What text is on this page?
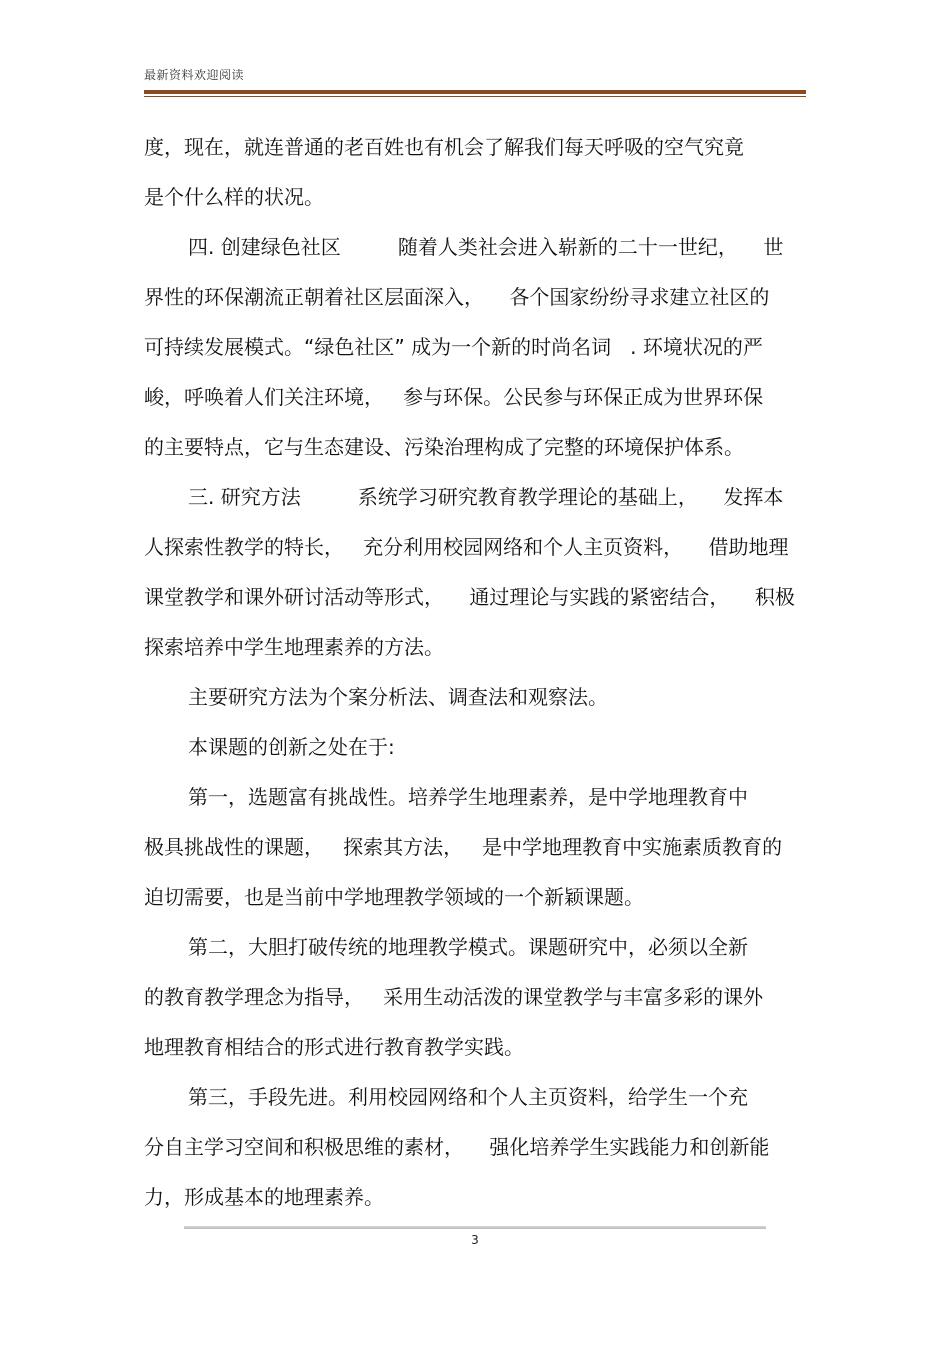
最新资料欢迎阅读
度，现在，就连普通的老百姓也有机会了解我们每天呼吸的空气究竟
是个什么样的状况。
四. 创建绿色社区         随着人类社会进入崭新的二十一世纪，    世
界性的环保潮流正朝着社区层面深入，    各个国家纷纷寻求建立社区的
可持续发展模式。“绿色社区” 成为一个新的时尚名词   . 环境状况的严
峻，呼唤着人们关注环境，   参与环保。公民参与环保正成为世界环保
的主要特点，它与生态建设、污染治理构成了完整的环境保护体系。
三. 研究方法         系统学习研究教育教学理论的基础上，    发挥本
人探索性教学的特长，   充分利用校园网络和个人主页资料，    借助地理
课堂教学和课外研讨活动等形式，    通过理论与实践的紧密结合，    积极
探索培养中学生地理素养的方法。
主要研究方法为个案分析法、调查法和观察法。
本课题的创新之处在于:
第一，选题富有挑战性。培养学生地理素养，是中学地理教育中
极具挑战性的课题，   探索其方法，   是中学地理教育中实施素质教育的
迫切需要，也是当前中学地理教学领域的一个新颖课题。
第二，大胆打破传统的地理教学模式。课题研究中，必须以全新
的教育教学理念为指导，   采用生动活泼的课堂教学与丰富多彩的课外
地理教育相结合的形式进行教育教学实践。
第三，手段先进。利用校园网络和个人主页资料，给学生一个充
分自主学习空间和积极思维的素材，    强化培养学生实践能力和创新能
力，形成基本的地理素养。
3
